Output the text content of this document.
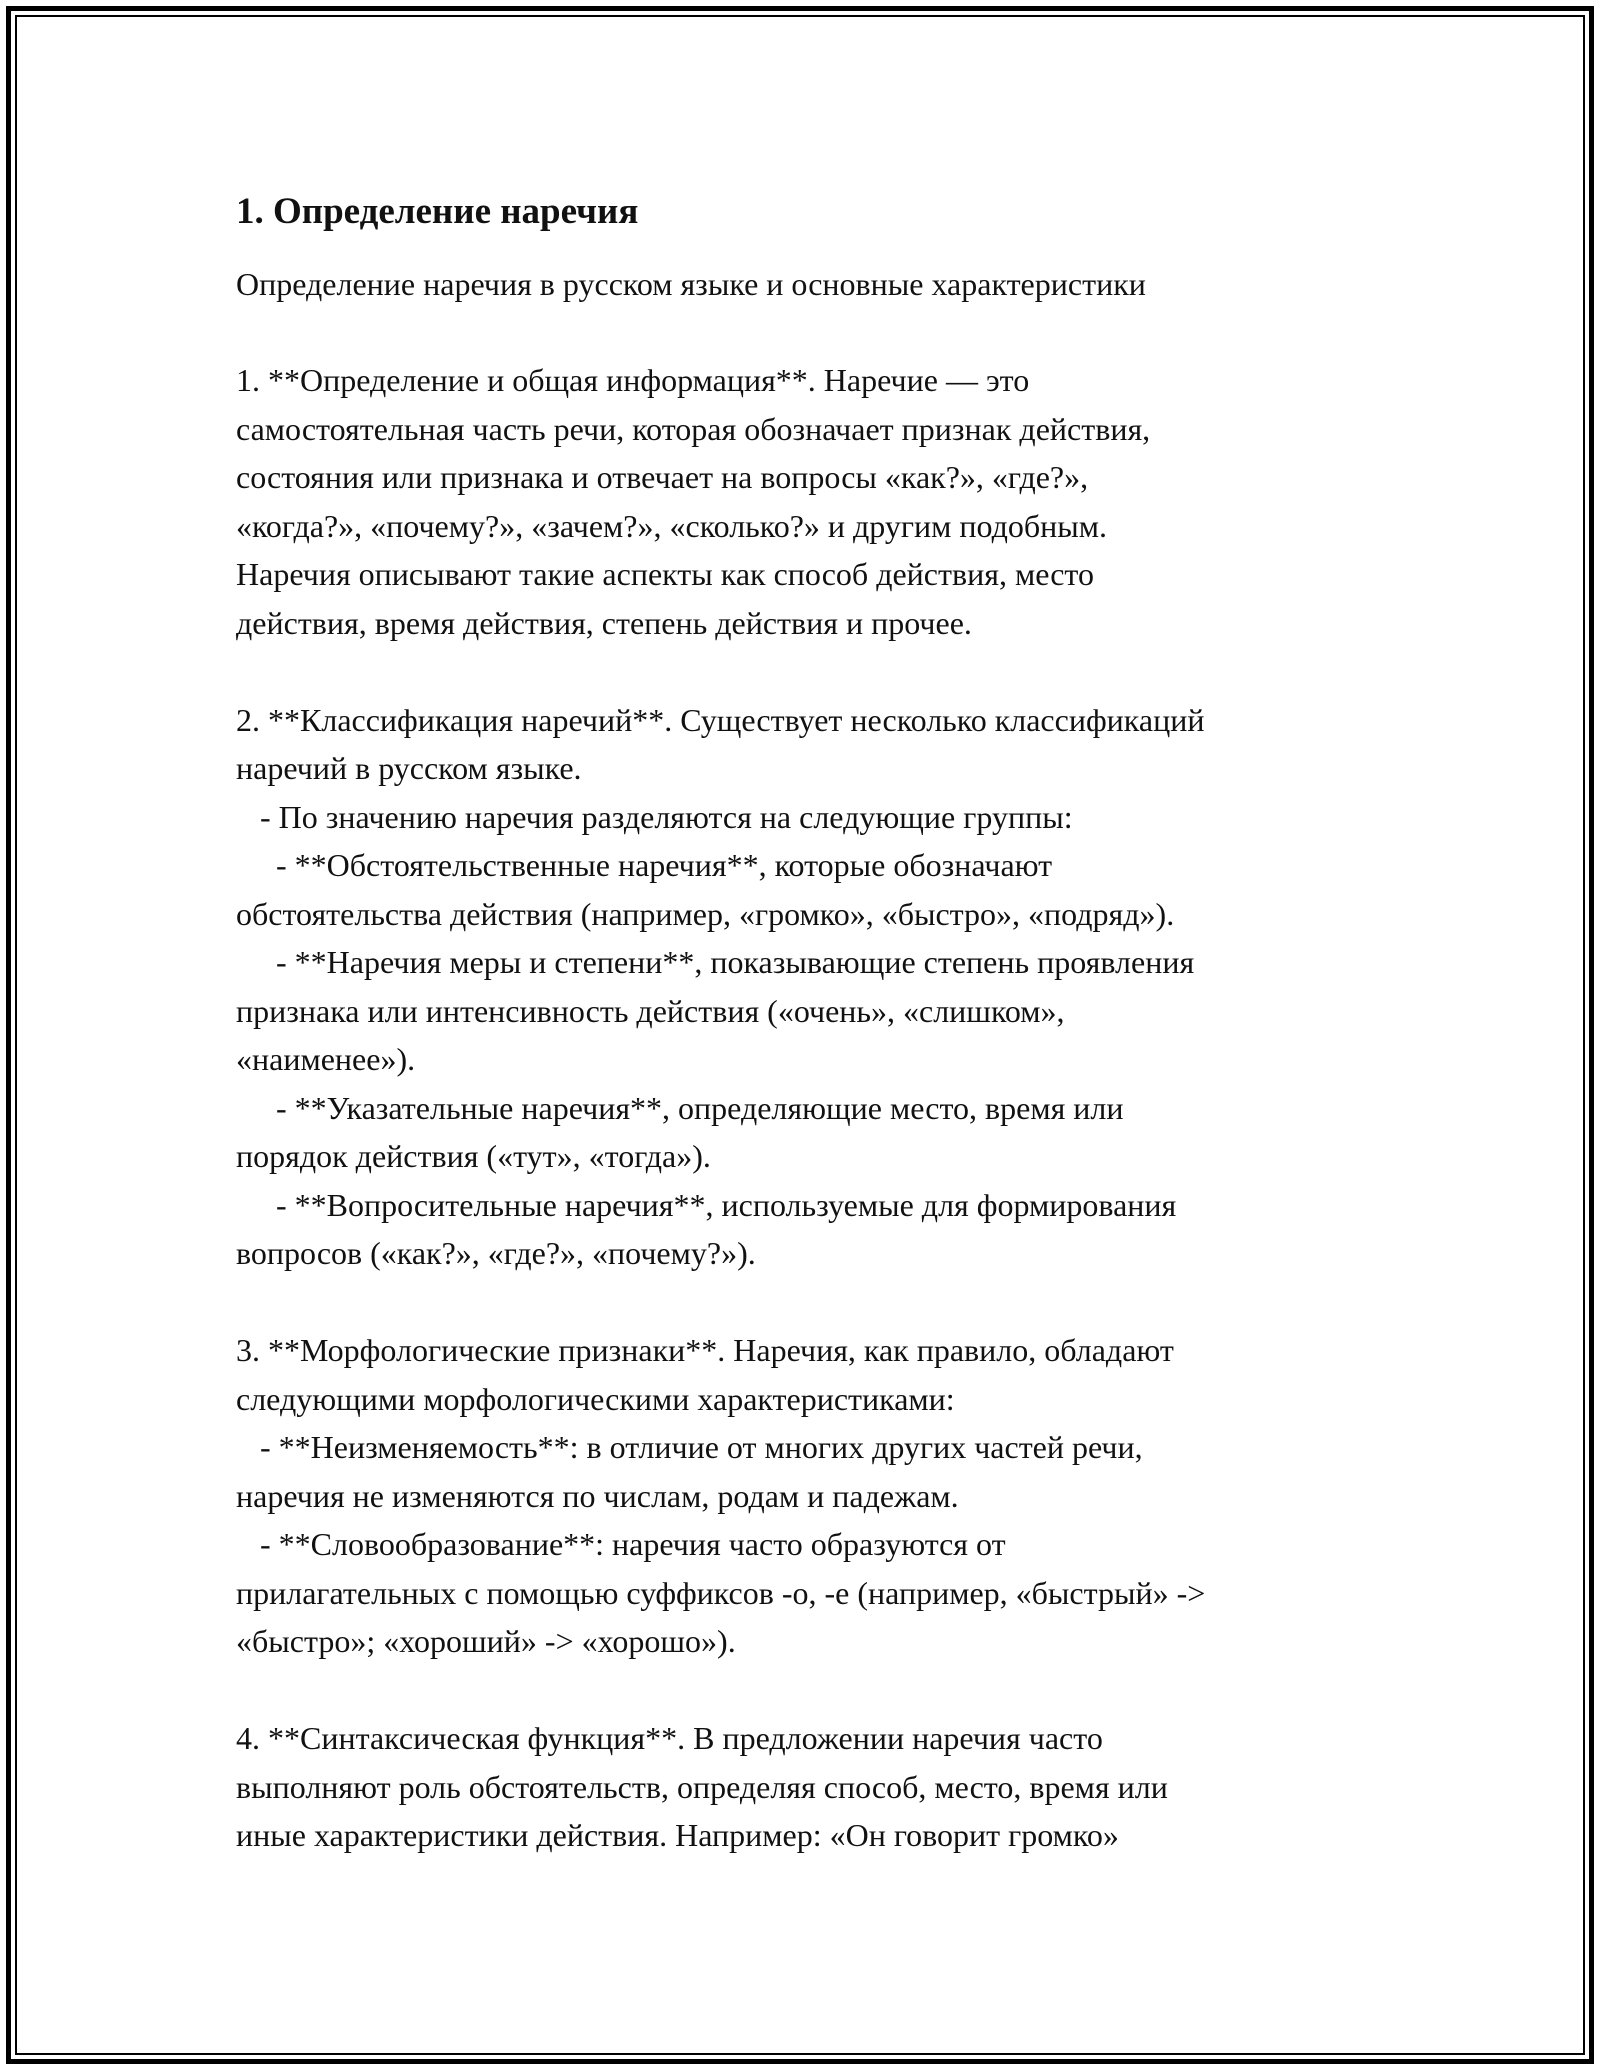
1. Определение наречия
Определение наречия в русском языке и основные характеристики
1. **Определение и общая информация**. Наречие — это
самостоятельная часть речи, которая обозначает признак действия,
состояния или признака и отвечает на вопросы «как?», «где?»,
«когда?», «почему?», «зачем?», «сколько?» и другим подобным.
Наречия описывают такие аспекты как способ действия, место
действия, время действия, степень действия и прочее.
2. **Классификация наречий**. Существует несколько классификаций
наречий в русском языке.
- По значению наречия разделяются на следующие группы:
- **Обстоятельственные наречия**, которые обозначают
обстоятельства действия (например, «громко», «быстро», «подряд»).
- **Наречия меры и степени**, показывающие степень проявления
признака или интенсивность действия («очень», «слишком»,
«наименее»).
- **Указательные наречия**, определяющие место, время или
порядок действия («тут», «тогда»).
- **Вопросительные наречия**, используемые для формирования
вопросов («как?», «где?», «почему?»).
3. **Морфологические признаки**. Наречия, как правило, обладают
следующими морфологическими характеристиками:
- **Неизменяемость**: в отличие от многих других частей речи,
наречия не изменяются по числам, родам и падежам.
- **Словообразование**: наречия часто образуются от
прилагательных с помощью суффиксов -о, -е (например, «быстрый» ->
«быстро»; «хороший» -> «хорошо»).
4. **Синтаксическая функция**. В предложении наречия часто
выполняют роль обстоятельств, определяя способ, место, время или
иные характеристики действия. Например: «Он говорит громко»
